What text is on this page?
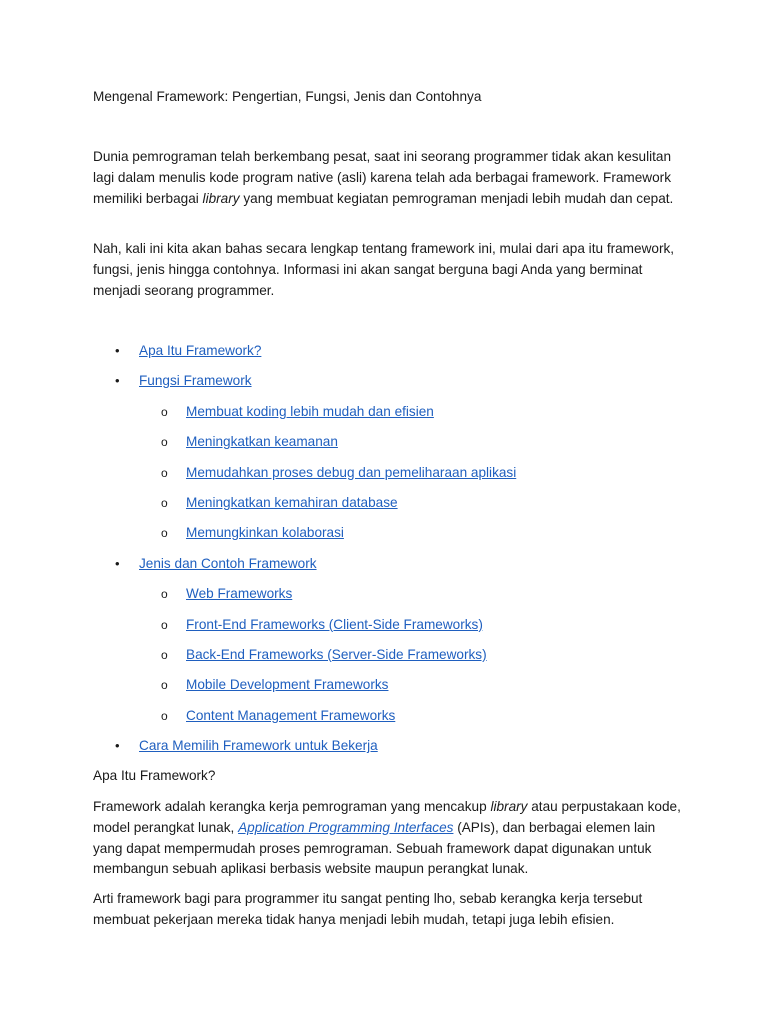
Mengenal Framework: Pengertian, Fungsi, Jenis dan Contohnya
Dunia pemrograman telah berkembang pesat, saat ini seorang programmer tidak akan kesulitan lagi dalam menulis kode program native (asli) karena telah ada berbagai framework. Framework memiliki berbagai library yang membuat kegiatan pemrograman menjadi lebih mudah dan cepat.
Nah, kali ini kita akan bahas secara lengkap tentang framework ini, mulai dari apa itu framework, fungsi, jenis hingga contohnya. Informasi ini akan sangat berguna bagi Anda yang berminat menjadi seorang programmer.
• Apa Itu Framework?
• Fungsi Framework
o Membuat koding lebih mudah dan efisien
o Meningkatkan keamanan
o Memudahkan proses debug dan pemeliharaan aplikasi
o Meningkatkan kemahiran database
o Memungkinkan kolaborasi
• Jenis dan Contoh Framework
o Web Frameworks
o Front-End Frameworks (Client-Side Frameworks)
o Back-End Frameworks (Server-Side Frameworks)
o Mobile Development Frameworks
o Content Management Frameworks
• Cara Memilih Framework untuk Bekerja
Apa Itu Framework?
Framework adalah kerangka kerja pemrograman yang mencakup library atau perpustakaan kode, model perangkat lunak, Application Programming Interfaces (APIs), dan berbagai elemen lain yang dapat mempermudah proses pemrograman. Sebuah framework dapat digunakan untuk membangun sebuah aplikasi berbasis website maupun perangkat lunak.
Arti framework bagi para programmer itu sangat penting lho, sebab kerangka kerja tersebut membuat pekerjaan mereka tidak hanya menjadi lebih mudah, tetapi juga lebih efisien.
